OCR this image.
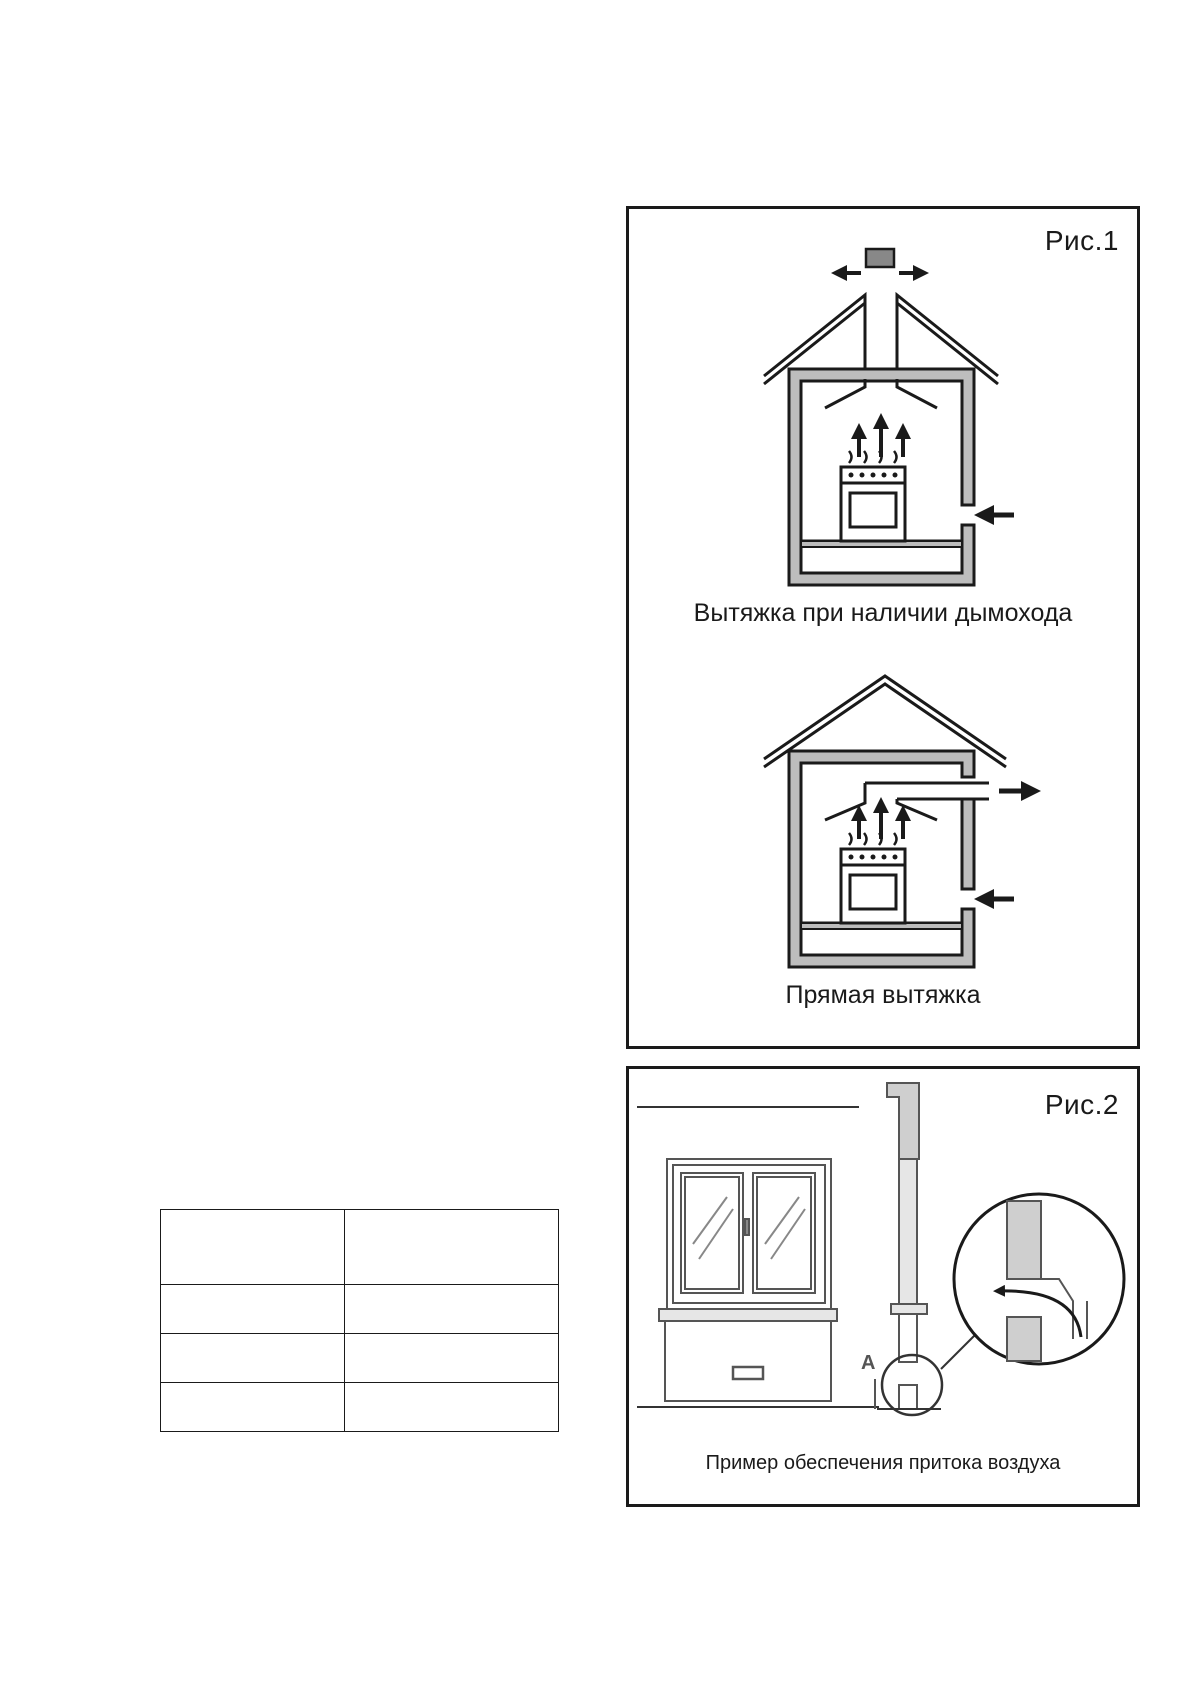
Рис.1
Вытяжка при наличии дымохода
Прямая вытяжка
Рис.2
A
Пример обеспечения притока воздуха
